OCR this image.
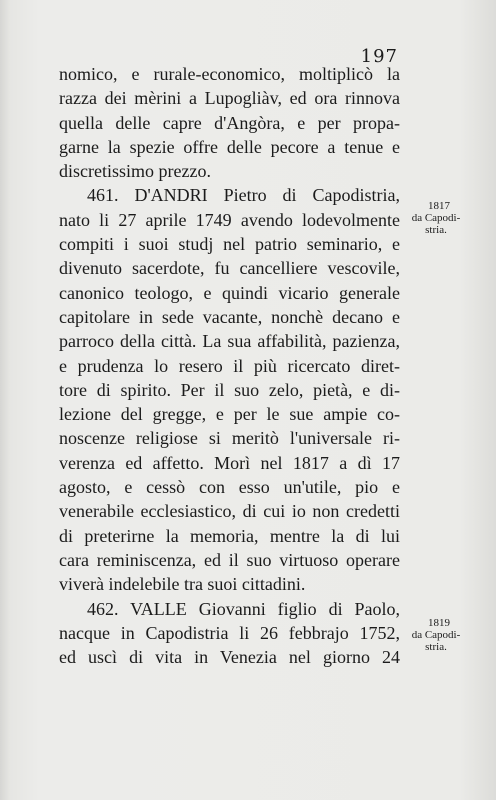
197
nomico, e rurale-economico, moltiplicò la
razza dei mèrini a Lupogliàv, ed ora rinnova
quella delle capre d'Angòra, e per propa-
garne la spezie offre delle pecore a tenue e
discretissimo prezzo.
461. D'ANDRI Pietro di Capodistria,
nato li 27 aprile 1749 avendo lodevolmente
compiti i suoi studj nel patrio seminario, e
divenuto sacerdote, fu cancelliere vescovile,
canonico teologo, e quindi vicario generale
capitolare in sede vacante, nonchè decano e
parroco della città. La sua affabilità, pazienza,
e prudenza lo resero il più ricercato diret-
tore di spirito. Per il suo zelo, pietà, e di-
lezione del gregge, e per le sue ampie co-
noscenze religiose si meritò l'universale ri-
verenza ed affetto. Morì nel 1817 a dì 17
agosto, e cessò con esso un'utile, pio e
venerabile ecclesiastico, di cui io non credetti
di preterirne la memoria, mentre la di lui
cara reminiscenza, ed il suo virtuoso operare
viverà indelebile tra suoi cittadini.
462. VALLE Giovanni figlio di Paolo,
nacque in Capodistria li 26 febbrajo 1752,
ed uscì di vita in Venezia nel giorno 24
1817
da Capodi-
stria.
1819
da Capodi-
stria.
